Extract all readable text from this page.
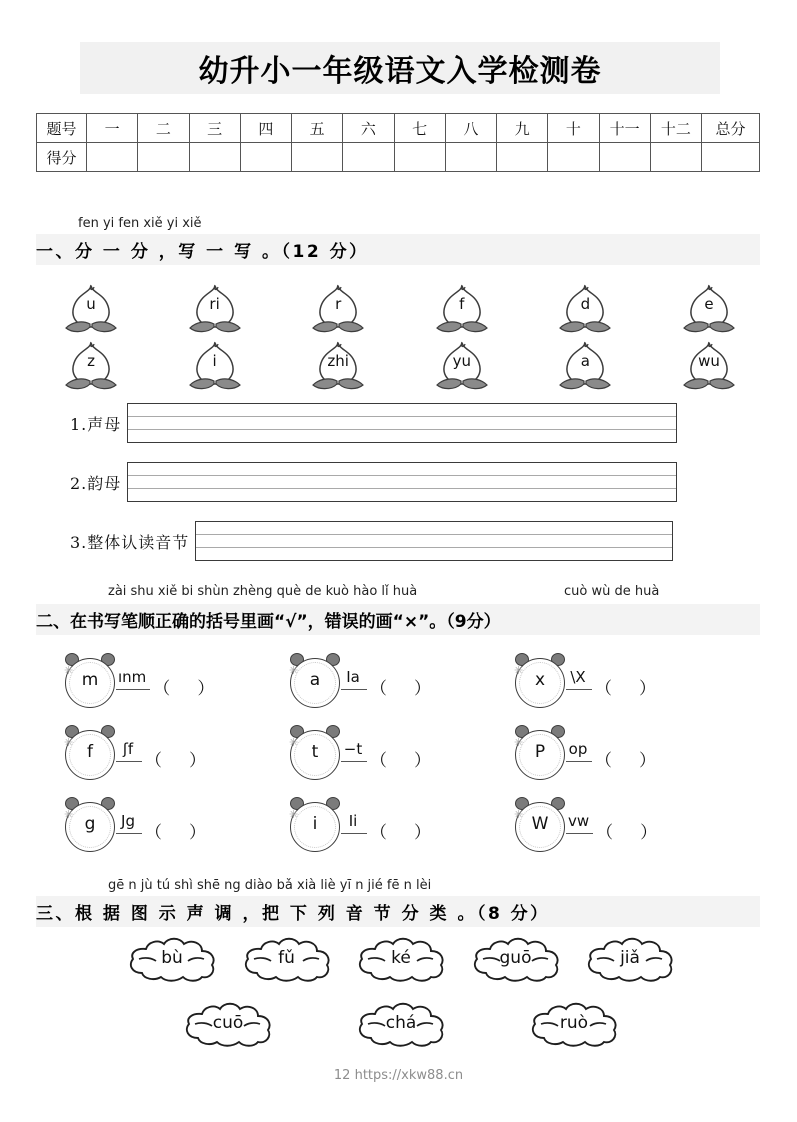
幼升小一年级语文入学检测卷
题号	一	二	三	四	五	六	七	八	九	十	十一	十二	总分
得分													
fen yi fen xiě yi xiě
一、分 一 分 ，写 一 写 。（12 分）
u	ri	r	f	d	e
z	i	zhi	yu	a	wu
1.声母
2.韵母
3.整体认读音节
zài shu xiě bi shùn zhèng què de kuò hào lǐ huà	cuò wù de huà
二、在书写笔顺正确的括号里画“√”，错误的画“×”。（9分）
✳ m	ınm
（     ）
✳ a	Ia
（     ）
✳ x	\X
（     ）
✳ f	ʃf
（     ）
✳ t	−t
（     ）
✳ P	op
（     ）
✳ g	Jg
（     ）
✳ i	Ii
（     ）
✳ W	vw
（     ）
gē n jù tú shì shē ng diào bǎ xià liè yī n jié fē n lèi
三、根 据 图 示 声 调 ，把 下 列 音 节 分 类 。（8 分）
bù	fǔ	ké	guō	jiǎ
cuō	chá	ruò
12 https://xkw88.cn
